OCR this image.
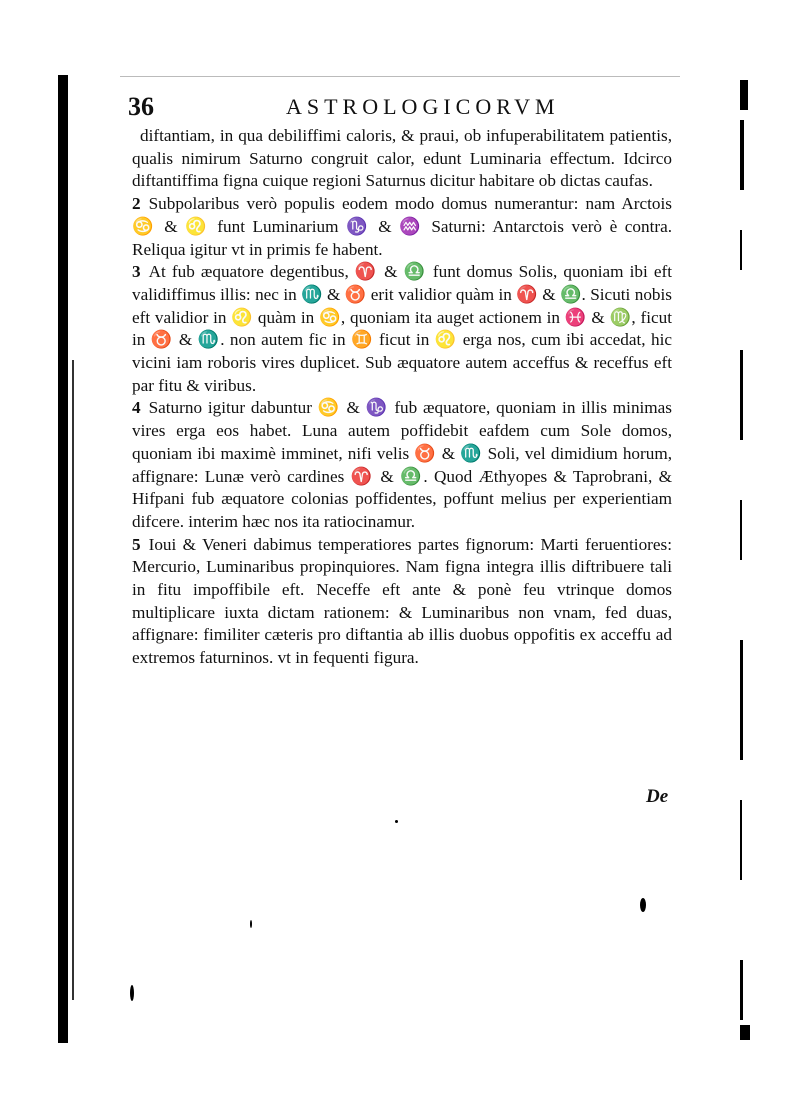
36	ASTROLOGICORVM

diftantiam, in qua debiliffimi caloris, & praui, ob infuperabilitatem patientis, qualis nimirum Saturno congruit calor, edunt Luminaria effectum. Idcirco diftantiffima figna cuique regioni Saturnus dicitur habitare ob dictas caufas.

2 Subpolaribus verò populis eodem modo domus numerantur: nam Arctois ♋ & ♌ funt Luminarium ♑ & ♒ Saturni: Antarctois verò è contra. Reliqua igitur vt in primis fe habent.

3 At fub æquatore degentibus, ♈ & ♎ funt domus Solis, quoniam ibi eft validiffimus illis: nec in ♏ & ♉ erit validior quàm in ♈ & ♎. Sicuti nobis eft validior in ♌ quàm in ♋, quoniam ita auget actionem in ♓ & ♍, ficut in ♉ & ♏. non autem fic in ♊ ficut in ♌ erga nos, cum ibi accedat, hic vicini iam roboris vires duplicet. Sub æquatore autem acceffus & receffus eft par fitu & viribus.

4 Saturno igitur dabuntur ♋ & ♑ fub æquatore, quoniam in illis minimas vires erga eos habet. Luna autem poffidebit eafdem cum Sole domos, quoniam ibi maximè imminet, nifi velis ♉ & ♏ Soli, vel dimidium horum, affignare: Lunæ verò cardines ♈ & ♎. Quod Æthyopes & Taprobrani, & Hifpani fub æquatore colonias poffidentes, poffunt melius per experientiam difcere. interim hæc nos ita ratiocinamur.

5 Ioui & Veneri dabimus temperatiores partes fignorum: Marti feruentiores: Mercurio, Luminaribus propinquiores. Nam figna integra illis diftribuere tali in fitu impoffibile eft. Neceffe eft ante & ponè feu vtrinque domos multiplicare iuxta dictam rationem: & Luminaribus non vnam, fed duas, affignare: fimiliter cæteris pro diftantia ab illis duobus oppofitis ex acceffu ad extremos faturninos. vt in fequenti figura.

De
